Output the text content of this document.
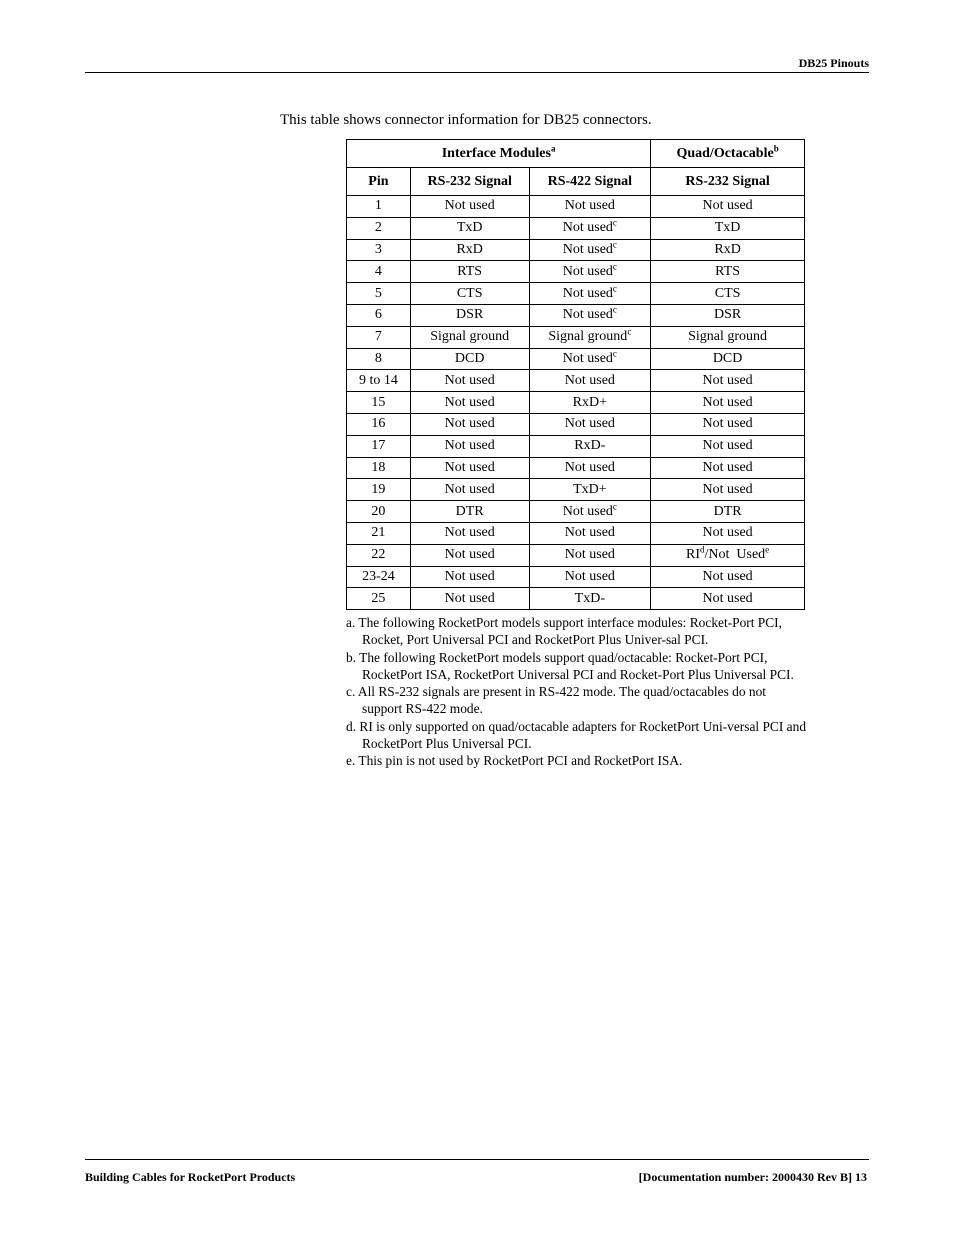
DB25 Pinouts
This table shows connector information for DB25 connectors.
Interface Modules$^a$			Quad/Octacable$^b$
Pin	RS-232 Signal	RS-422 Signal	RS-232 Signal
1	Not used	Not used	Not used
2	TxD	Not used$^c$	TxD
3	RxD	Not used$^c$	RxD
4	RTS	Not used$^c$	RTS
5	CTS	Not used$^c$	CTS
6	DSR	Not used$^c$	DSR
7	Signal ground	Signal ground$^c$	Signal ground
8	DCD	Not used$^c$	DCD
9 to 14	Not used	Not used	Not used
15	Not used	RxD+	Not used
16	Not used	Not used	Not used
17	Not used	RxD-	Not used
18	Not used	Not used	Not used
19	Not used	TxD+	Not used
20	DTR	Not used$^c$	DTR
21	Not used	Not used	Not used
22	Not used	Not used	$RI^d$/Not  Used$^e$
23-24	Not used	Not used	Not used
25	Not used	TxD-	Not used

a. The following RocketPort models support interface modules: Rocket-Port PCI, Rocket, Port Universal PCI and RocketPort Plus Univer-sal PCI.

b. The following RocketPort models support quad/octacable: Rocket-Port PCI, RocketPort ISA, RocketPort Universal PCI and Rocket-Port Plus Universal PCI.

c. All RS-232 signals are present in RS-422 mode. The quad/octacables do not support RS-422 mode.

d. RI is only supported on quad/octacable adapters for RocketPort Uni-versal PCI and RocketPort Plus Universal PCI.

e. This pin is not used by RocketPort PCI and RocketPort ISA.

Building Cables for RocketPort Products	[Documentation number: 2000430 Rev B] 13
